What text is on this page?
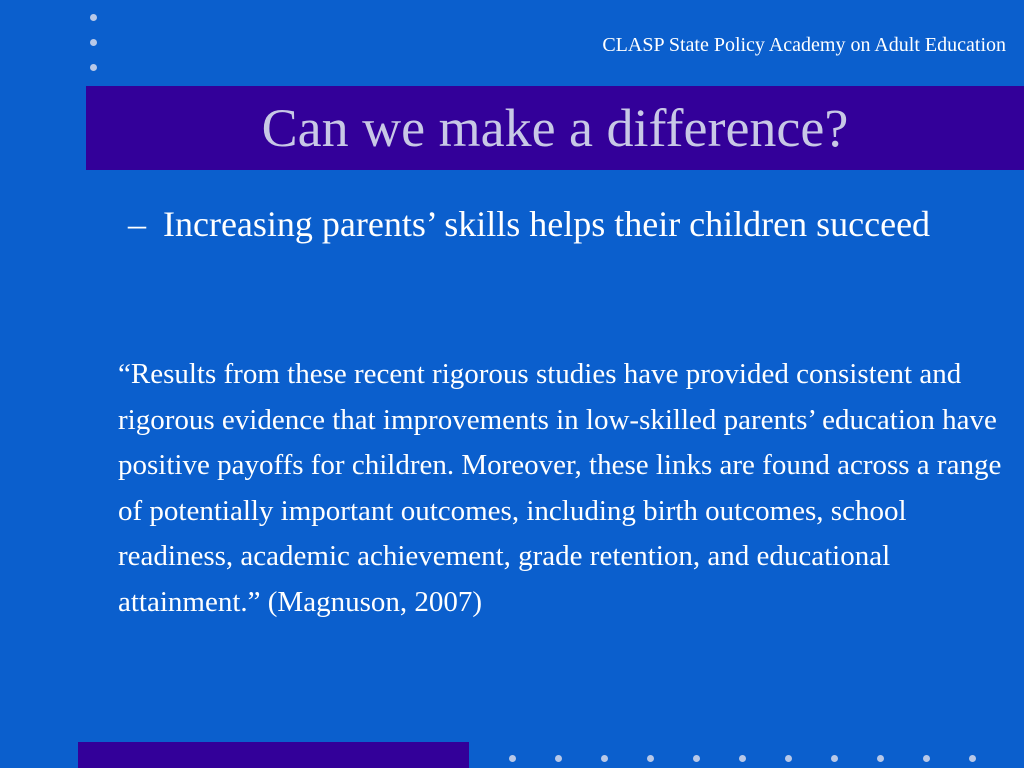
CLASP State Policy Academy on Adult Education
Can we make a difference?
– Increasing parents’ skills helps their children succeed

“Results from these recent rigorous studies have provided consistent and rigorous evidence that improvements in low-skilled parents’ education have positive payoffs for children. Moreover, these links are found across a range of potentially important outcomes, including birth outcomes, school readiness, academic achievement, grade retention, and educational attainment.” (Magnuson, 2007)
